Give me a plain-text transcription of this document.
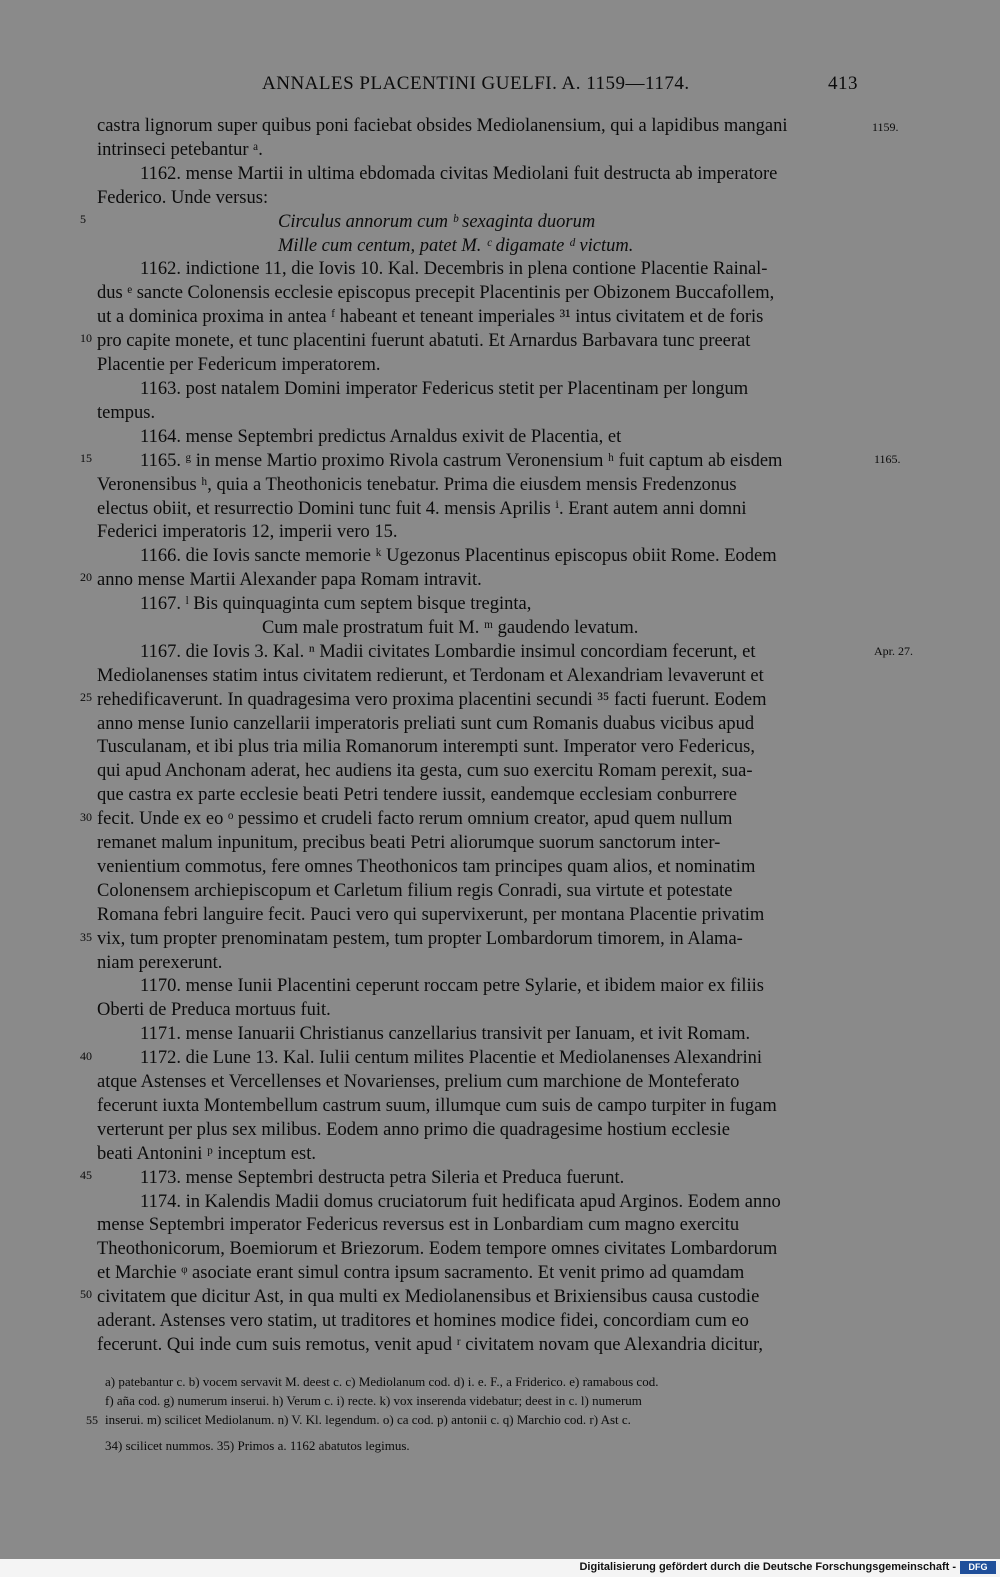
ANNALES PLACENTINI GUELFI. A. 1159—1174.	413
castra lignorum super quibus poni faciebat obsides Mediolanensium, qui a lapidibus mangani
intrinseci petebantur ᵃ.
1162. mense Martii in ultima ebdomada civitas Mediolani fuit destructa ab imperatore
Federico. Unde versus:
Circulus annorum cum ᵇ sexaginta duorum
Mille cum centum, patet M. ᶜ digamate ᵈ victum.
1162. indictione 11, die Iovis 10. Kal. Decembris in plena contione Placentie Rainal-
dus ᵉ sancte Colonensis ecclesie episcopus precepit Placentinis per Obizonem Buccafollem,
ut a dominica proxima in antea ᶠ habeant et teneant imperiales ³¹ intus civitatem et de foris
pro capite monete, et tunc placentini fuerunt abatuti. Et Arnardus Barbavara tunc preerat
Placentie per Federicum imperatorem.
1163. post natalem Domini imperator Federicus stetit per Placentinam per longum
tempus.
1164. mense Septembri predictus Arnaldus exivit de Placentia, et
1165. ᵍ in mense Martio proximo Rivola castrum Veronensium ʰ fuit captum ab eisdem
Veronensibus ʰ, quia a Theothonicis tenebatur. Prima die eiusdem mensis Fredenzonus
electus obiit, et resurrectio Domini tunc fuit 4. mensis Aprilis ⁱ. Erant autem anni domni
Federici imperatoris 12, imperii vero 15.
1166. die Iovis sancte memorie ᵏ Ugezonus Placentinus episcopus obiit Rome. Eodem
anno mense Martii Alexander papa Romam intravit.
1167. ˡ Bis quinquaginta cum septem bisque treginta,
Cum male prostratum fuit M. ᵐ gaudendo levatum.
1167. die Iovis 3. Kal. ⁿ Madii civitates Lombardie insimul concordiam fecerunt, et
Mediolanenses statim intus civitatem redierunt, et Terdonam et Alexandriam levaverunt et
rehedificaverunt. In quadragesima vero proxima placentini secundi ³⁵ facti fuerunt. Eodem
anno mense Iunio canzellarii imperatoris preliati sunt cum Romanis duabus vicibus apud
Tusculanam, et ibi plus tria milia Romanorum interempti sunt. Imperator vero Federicus,
qui apud Anchonam aderat, hec audiens ita gesta, cum suo exercitu Romam perexit, sua-
que castra ex parte ecclesie beati Petri tendere iussit, eandemque ecclesiam conburrere
fecit. Unde ex eo ᵒ pessimo et crudeli facto rerum omnium creator, apud quem nullum
remanet malum inpunitum, precibus beati Petri aliorumque suorum sanctorum inter-
venientium commotus, fere omnes Theothonicos tam principes quam alios, et nominatim
Colonensem archiepiscopum et Carletum filium regis Conradi, sua virtute et potestate
Romana febri languire fecit. Pauci vero qui supervixerunt, per montana Placentie privatim
vix, tum propter prenominatam pestem, tum propter Lombardorum timorem, in Alama-
niam perexerunt.
1170. mense Iunii Placentini ceperunt roccam petre Sylarie, et ibidem maior ex filiis
Oberti de Preduca mortuus fuit.
1171. mense Ianuarii Christianus canzellarius transivit per Ianuam, et ivit Romam.
1172. die Lune 13. Kal. Iulii centum milites Placentie et Mediolanenses Alexandrini
atque Astenses et Vercellenses et Novarienses, prelium cum marchione de Monteferato
fecerunt iuxta Montembellum castrum suum, illumque cum suis de campo turpiter in fugam
verterunt per plus sex milibus. Eodem anno primo die quadragesime hostium ecclesie
beati Antonini ᵖ inceptum est.
1173. mense Septembri destructa petra Sileria et Preduca fuerunt.
1174. in Kalendis Madii domus cruciatorum fuit hedificata apud Arginos. Eodem anno
mense Septembri imperator Federicus reversus est in Lonbardiam cum magno exercitu
Theothonicorum, Boemiorum et Briezorum. Eodem tempore omnes civitates Lombardorum
et Marchie ᵠ asociate erant simul contra ipsum sacramento. Et venit primo ad quamdam
civitatem que dicitur Ast, in qua multi ex Mediolanensibus et Brixiensibus causa custodie
aderant. Astenses vero statim, ut traditores et homines modice fidei, concordiam cum eo
fecerunt. Qui inde cum suis remotus, venit apud ʳ civitatem novam que Alexandria dicitur,
5
10
15
20
25
30
35
40
45
50
55
1159.
1165.
Apr. 27.
a) patebantur c. b) vocem servavit M. deest c. c) Mediolanum cod. d) i. e. F., a Friderico. e) ramabous cod.
f) aña cod. g) numerum inserui. h) Verum c. i) recte. k) vox inserenda videbatur; deest in c. l) numerum
inserui. m) scilicet Mediolanum. n) V. Kl. legendum. o) ca cod. p) antonii c. q) Marchio cod. r) Ast c.
34) scilicet nummos. 35) Primos a. 1162 abatutos legimus.
Digitalisierung gefördert durch die Deutsche Forschungsgemeinschaft -	DFG
